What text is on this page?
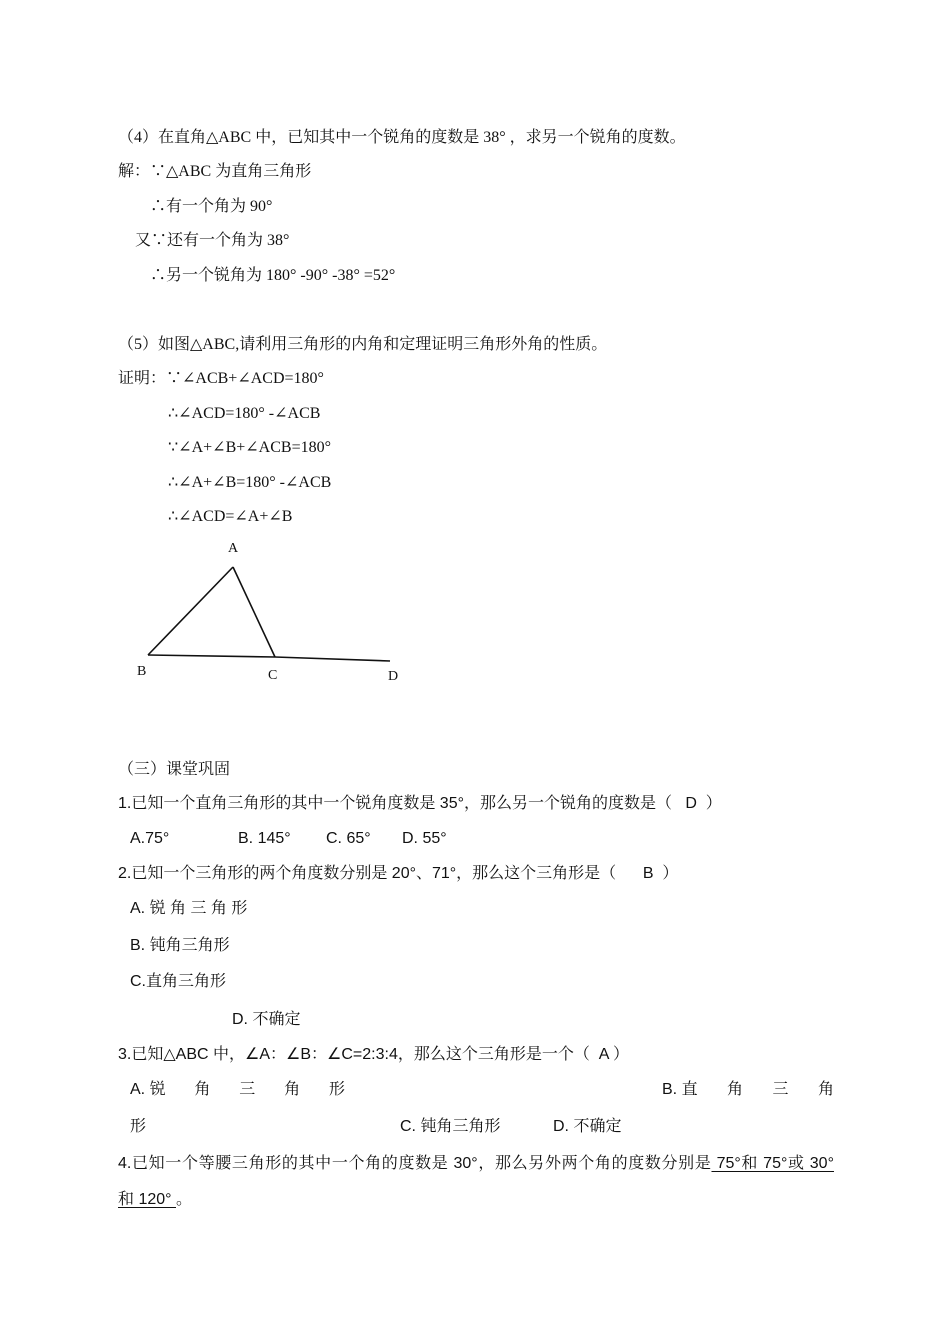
（4）在直角△ABC 中，已知其中一个锐角的度数是 38° ，求另一个锐角的度数。
解：∵△ABC 为直角三角形
∴有一个角为 90°
又∵还有一个角为 38°
∴另一个锐角为 180° -90° -38° =52°
（5）如图△ABC,请利用三角形的内角和定理证明三角形外角的性质。
证明：∵∠ACB+∠ACD=180°
∴∠ACD=180° -∠ACB
∵∠A+∠B+∠ACB=180°
∴∠A+∠B=180° -∠ACB
∴∠ACD=∠A+∠B
A
B	C	D
（三）课堂巩固
1.已知一个直角三角形的其中一个锐角度数是 35°，那么另一个锐角的度数是（   D  ）
A.75°	B. 145° C. 65° D. 55°
2.已知一个三角形的两个角度数分别是 20°、71°，那么这个三角形是（      B  ）
A. 锐 角 三 角 形
B. 钝角三角形
C.直角三角形
D. 不确定
3.已知△ABC 中，∠A：∠B：∠C=2:3:4，那么这个三角形是一个（  A ）
A. 锐 角 三 角 形	B. 直 角 三 角
形	C. 钝角三角形	D. 不确定
4.已知一个等腰三角形的其中一个角的度数是 30°，那么另外两个角的度数分别是 75°和 75°或 30°
和 120° 。
